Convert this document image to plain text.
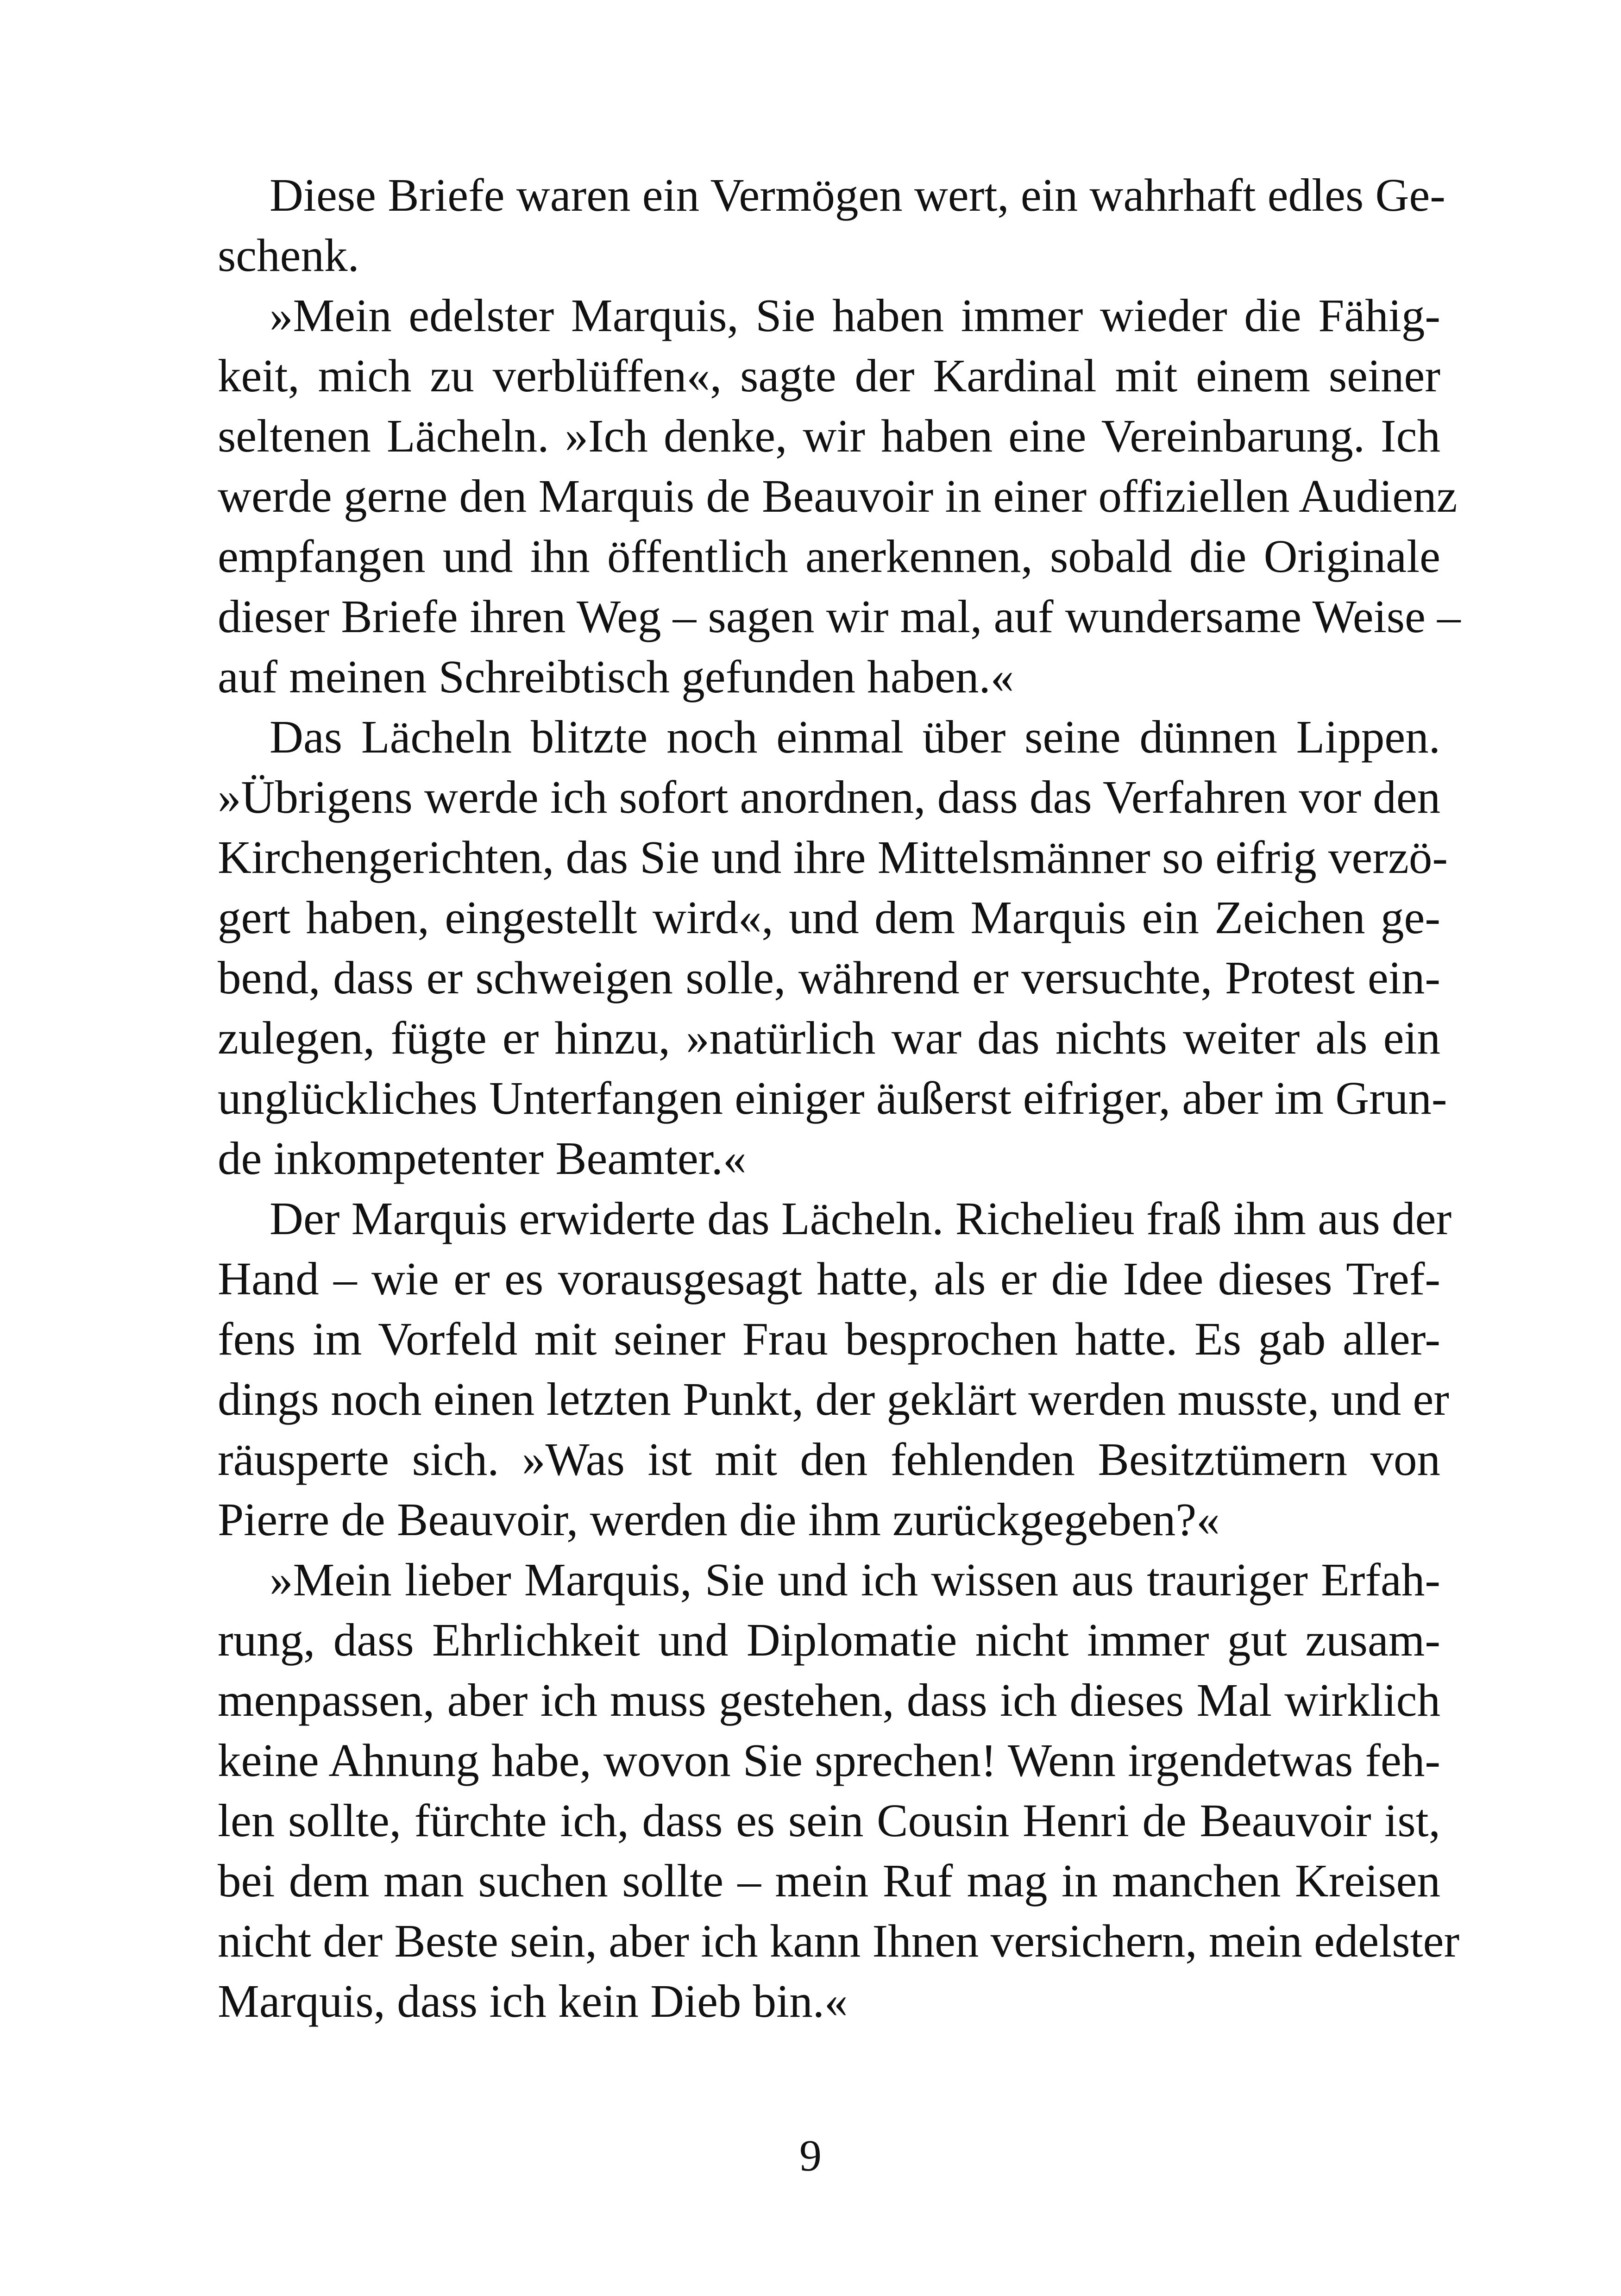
Diese Briefe waren ein Vermögen wert, ein wahrhaft edles Ge-
schenk.
»Mein edelster Marquis, Sie haben immer wieder die Fähig-
keit, mich zu verblüffen«, sagte der Kardinal mit einem seiner
seltenen Lächeln. »Ich denke, wir haben eine Vereinbarung. Ich
werde gerne den Marquis de Beauvoir in einer offiziellen Audienz
empfangen und ihn öffentlich anerkennen, sobald die Originale
dieser Briefe ihren Weg – sagen wir mal, auf wundersame Weise –
auf meinen Schreibtisch gefunden haben.«
Das Lächeln blitzte noch einmal über seine dünnen Lippen.
»Übrigens werde ich sofort anordnen, dass das Verfahren vor den
Kirchengerichten, das Sie und ihre Mittelsmänner so eifrig verzö-
gert haben, eingestellt wird«, und dem Marquis ein Zeichen ge-
bend, dass er schweigen solle, während er versuchte, Protest ein-
zulegen, fügte er hinzu, »natürlich war das nichts weiter als ein
unglückliches Unterfangen einiger äußerst eifriger, aber im Grun-
de inkompetenter Beamter.«
Der Marquis erwiderte das Lächeln. Richelieu fraß ihm aus der
Hand – wie er es vorausgesagt hatte, als er die Idee dieses Tref-
fens im Vorfeld mit seiner Frau besprochen hatte. Es gab aller-
dings noch einen letzten Punkt, der geklärt werden musste, und er
räusperte sich. »Was ist mit den fehlenden Besitztümern von
Pierre de Beauvoir, werden die ihm zurückgegeben?«
»Mein lieber Marquis, Sie und ich wissen aus trauriger Erfah-
rung, dass Ehrlichkeit und Diplomatie nicht immer gut zusam-
menpassen, aber ich muss gestehen, dass ich dieses Mal wirklich
keine Ahnung habe, wovon Sie sprechen! Wenn irgendetwas feh-
len sollte, fürchte ich, dass es sein Cousin Henri de Beauvoir ist,
bei dem man suchen sollte – mein Ruf mag in manchen Kreisen
nicht der Beste sein, aber ich kann Ihnen versichern, mein edelster
Marquis, dass ich kein Dieb bin.«
9
